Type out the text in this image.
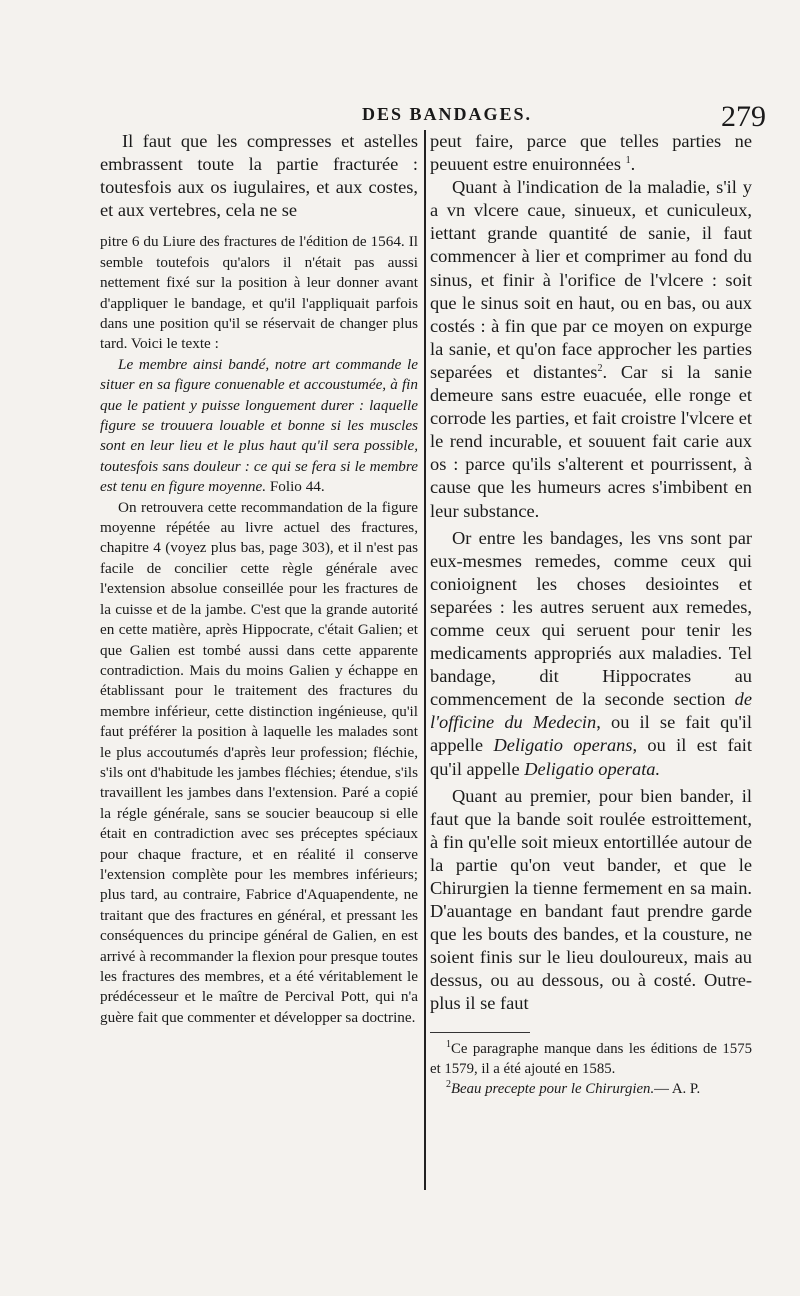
DES BANDAGES.	279

Il faut que les compresses et astelles embrassent toute la partie fracturée : toutesfois aux os iugulaires, et aux costes, et aux vertebres, cela ne se

pitre 6 du Liure des fractures de l'édition de 1564. Il semble toutefois qu'alors il n'était pas aussi nettement fixé sur la position à leur donner avant d'appliquer le bandage, et qu'il l'appliquait parfois dans une position qu'il se réservait de changer plus tard. Voici le texte :

Le membre ainsi bandé, notre art commande le situer en sa figure conuenable et accoustumée, à fin que le patient y puisse longuement durer : laquelle figure se trouuera louable et bonne si les muscles sont en leur lieu et le plus haut qu'il sera possible, toutesfois sans douleur : ce qui se fera si le membre est tenu en figure moyenne. Folio 44.

On retrouvera cette recommandation de la figure moyenne répétée au livre actuel des fractures, chapitre 4 (voyez plus bas, page 303), et il n'est pas facile de concilier cette règle générale avec l'extension absolue conseillée pour les fractures de la cuisse et de la jambe. C'est que la grande autorité en cette matière, après Hippocrate, c'était Galien; et que Galien est tombé aussi dans cette apparente contradiction. Mais du moins Galien y échappe en établissant pour le traitement des fractures du membre inférieur, cette distinction ingénieuse, qu'il faut préférer la position à laquelle les malades sont le plus accoutumés d'après leur profession; fléchie, s'ils ont d'habitude les jambes fléchies; étendue, s'ils travaillent les jambes dans l'extension. Paré a copié la régle générale, sans se soucier beaucoup si elle était en contradiction avec ses préceptes spéciaux pour chaque fracture, et en réalité il conserve l'extension complète pour les membres inférieurs; plus tard, au contraire, Fabrice d'Aquapendente, ne traitant que des fractures en général, et pressant les conséquences du principe général de Galien, en est arrivé à recommander la flexion pour presque toutes les fractures des membres, et a été véritablement le prédécesseur et le maître de Percival Pott, qui n'a guère fait que commenter et développer sa doctrine.

peut faire, parce que telles parties ne peuuent estre enuironnées $^1$.

Quant à l'indication de la maladie, s'il y a vn vlcere caue, sinueux, et cuniculeux, iettant grande quantité de sanie, il faut commencer à lier et comprimer au fond du sinus, et finir à l'orifice de l'vlcere : soit que le sinus soit en haut, ou en bas, ou aux costés : à fin que par ce moyen on expurge la sanie, et qu'on face approcher les parties separées et distantes$^2$. Car si la sanie demeure sans estre euacuée, elle ronge et corrode les parties, et fait croistre l'vlcere et le rend incurable, et souuent fait carie aux os : parce qu'ils s'alterent et pourrissent, à cause que les humeurs acres s'imbibent en leur substance.

Or entre les bandages, les vns sont par eux-mesmes remedes, comme ceux qui conioignent les choses desiointes et separées : les autres seruent aux remedes, comme ceux qui seruent pour tenir les medicaments appropriés aux maladies. Tel bandage, dit Hippocrates au commencement de la seconde section de l'officine du Medecin, ou il se fait qu'il appelle Deligatio operans, ou il est fait qu'il appelle Deligatio operata.

Quant au premier, pour bien bander, il faut que la bande soit roulée estroittement, à fin qu'elle soit mieux entortillée autour de la partie qu'on veut bander, et que le Chirurgien la tienne fermement en sa main. D'auantage en bandant faut prendre garde que les bouts des bandes, et la cousture, ne soient finis sur le lieu douloureux, mais au dessus, ou au dessous, ou à costé. Outre-plus il se faut

$^1$Ce paragraphe manque dans les éditions de 1575 et 1579, il a été ajouté en 1585.

$^2$Beau precepte pour le Chirurgien.— A. P.
